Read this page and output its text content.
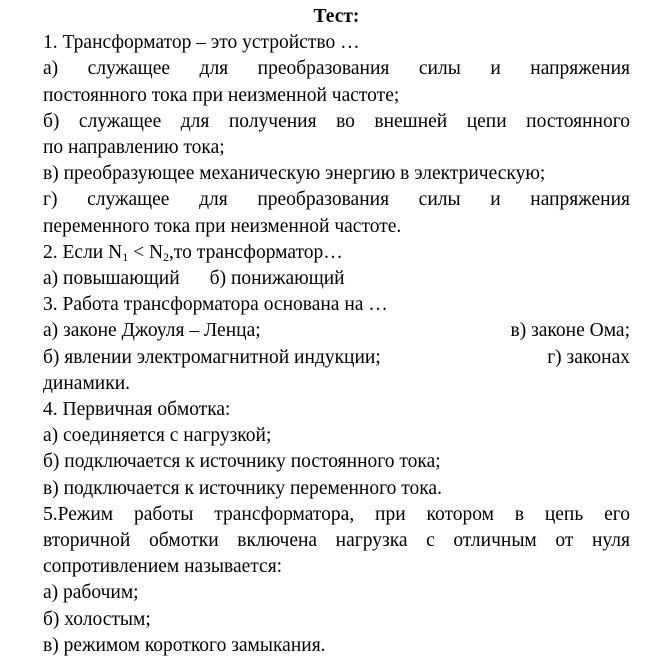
Тест:

1. Трансформатор – это устройство …

а) служащее для преобразования силы и напряжения

постоянного тока при неизменной частоте;

б) служащее для получения во внешней цепи постоянного

по направлению тока;

в) преобразующее механическую энергию в электрическую;

г) служащее для преобразования силы и напряжения

переменного тока при неизменной частоте.

2. Если $N_1 < N_2,то$ трансформатор…

а) повышающий б) понижающий

3. Работа трансформатора основана на …

а) законе Джоуля – Ленца;	в) законе Ома;
б) явлении электромагнитной индукции;	г) законах

динамики.

4. Первичная обмотка:

а) соединяется с нагрузкой;

б) подключается к источнику постоянного тока;

в) подключается к источнику переменного тока.

5.Режим работы трансформатора, при котором в цепь его

вторичной обмотки включена нагрузка с отличным от нуля

сопротивлением называется:

а) рабочим;

б) холостым;

в) режимом короткого замыкания.
